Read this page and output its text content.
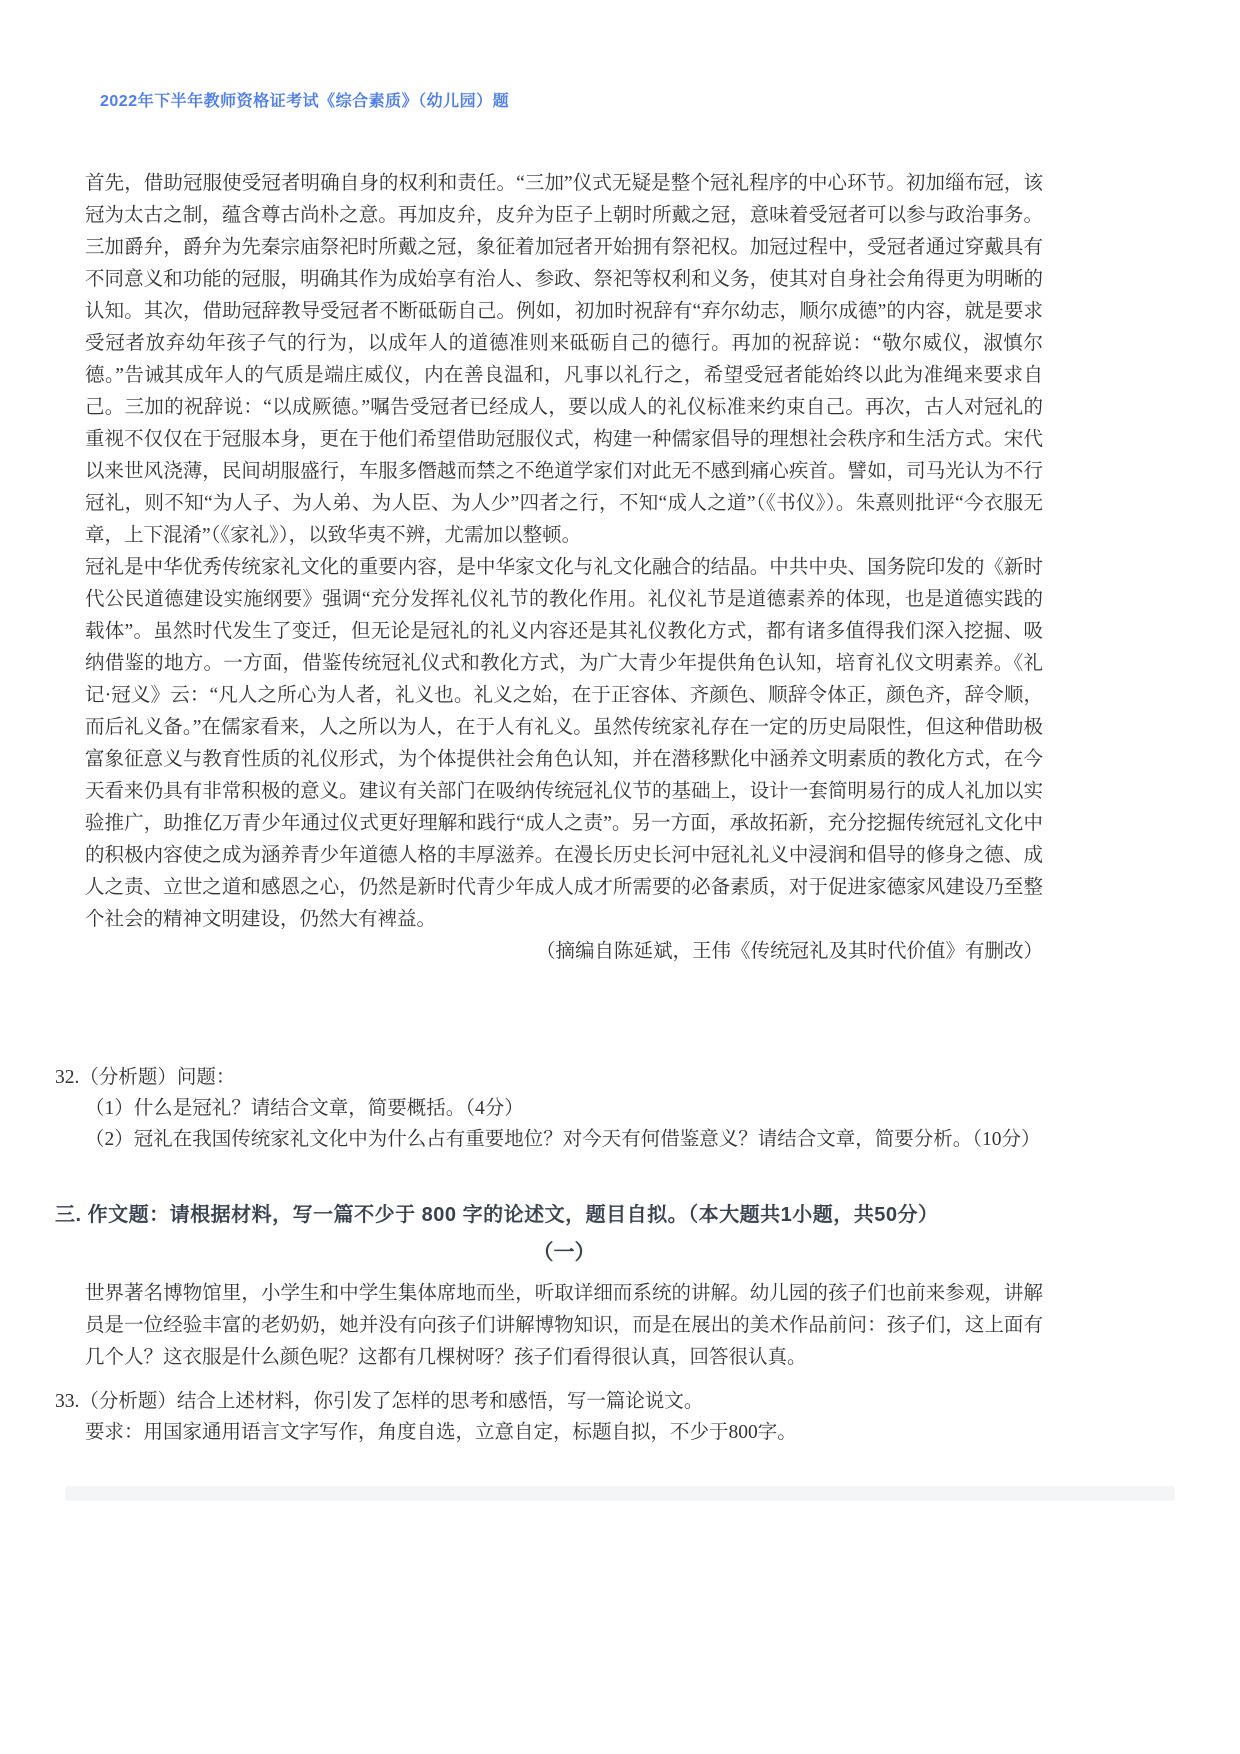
2022年下半年教师资格证考试《综合素质》（幼儿园）题

首先，借助冠服使受冠者明确自身的权利和责任。“三加”仪式无疑是整个冠礼程序的中心环节。初加缁布冠，该冠为太古之制，蕴含尊古尚朴之意。再加皮弁，皮弁为臣子上朝时所戴之冠，意味着受冠者可以参与政治事务。三加爵弁，爵弁为先秦宗庙祭祀时所戴之冠，象征着加冠者开始拥有祭祀权。加冠过程中，受冠者通过穿戴具有不同意义和功能的冠服，明确其作为成始享有治人、参政、祭祀等权利和义务，使其对自身社会角得更为明晰的认知。其次，借助冠辞教导受冠者不断砥砺自己。例如，初加时祝辞有“弃尔幼志，顺尔成德”的内容，就是要求受冠者放弃幼年孩子气的行为，以成年人的道德准则来砥砺自己的德行。再加的祝辞说：“敬尔威仪，淑慎尔德。”告诫其成年人的气质是端庄威仪，内在善良温和，凡事以礼行之，希望受冠者能始终以此为准绳来要求自己。三加的祝辞说：“以成厥德。”嘱告受冠者已经成人，要以成人的礼仪标准来约束自己。再次，古人对冠礼的重视不仅仅在于冠服本身，更在于他们希望借助冠服仪式，构建一种儒家倡导的理想社会秩序和生活方式。宋代以来世风浇薄，民间胡服盛行，车服多僭越而禁之不绝道学家们对此无不感到痛心疾首。譬如，司马光认为不行冠礼，则不知“为人子、为人弟、为人臣、为人少”四者之行，不知“成人之道”（《书仪》）。朱熹则批评“今衣服无章，上下混淆”（《家礼》），以致华夷不辨，尤需加以整顿。

冠礼是中华优秀传统家礼文化的重要内容，是中华家文化与礼文化融合的结晶。中共中央、国务院印发的《新时代公民道德建设实施纲要》强调“充分发挥礼仪礼节的教化作用。礼仪礼节是道德素养的体现，也是道德实践的载体”。虽然时代发生了变迁，但无论是冠礼的礼义内容还是其礼仪教化方式，都有诸多值得我们深入挖掘、吸纳借鉴的地方。一方面，借鉴传统冠礼仪式和教化方式，为广大青少年提供角色认知，培育礼仪文明素养。《礼记·冠义》云：“凡人之所心为人者，礼义也。礼义之始，在于正容体、齐颜色、顺辞令体正，颜色齐，辞令顺，而后礼义备。”在儒家看来，人之所以为人，在于人有礼义。虽然传统家礼存在一定的历史局限性，但这种借助极富象征意义与教育性质的礼仪形式，为个体提供社会角色认知，并在潜移默化中涵养文明素质的教化方式，在今天看来仍具有非常积极的意义。建议有关部门在吸纳传统冠礼仪节的基础上，设计一套简明易行的成人礼加以实验推广，助推亿万青少年通过仪式更好理解和践行“成人之责”。另一方面，承故拓新，充分挖掘传统冠礼文化中的积极内容使之成为涵养青少年道德人格的丰厚滋养。在漫长历史长河中冠礼礼义中浸润和倡导的修身之德、成人之责、立世之道和感恩之心，仍然是新时代青少年成人成才所需要的必备素质，对于促进家德家风建设乃至整个社会的精神文明建设，仍然大有裨益。

（摘编自陈延斌，王伟《传统冠礼及其时代价值》有删改）

32.（分析题）问题：

（1）什么是冠礼？请结合文章，简要概括。（4分）

（2）冠礼在我国传统家礼文化中为什么占有重要地位？对今天有何借鉴意义？请结合文章，简要分析。（10分）

三. 作文题：请根据材料，写一篇不少于 800 字的论述文，题目自拟。（本大题共1小题，共50分）
（一）
世界著名博物馆里，小学生和中学生集体席地而坐，听取详细而系统的讲解。幼儿园的孩子们也前来参观，讲解员是一位经验丰富的老奶奶，她并没有向孩子们讲解博物知识，而是在展出的美术作品前问：孩子们，这上面有几个人？这衣服是什么颜色呢？这都有几棵树呀？孩子们看得很认真，回答很认真。

33.（分析题）结合上述材料，你引发了怎样的思考和感悟，写一篇论说文。

要求：用国家通用语言文字写作，角度自选，立意自定，标题自拟，不少于800字。
